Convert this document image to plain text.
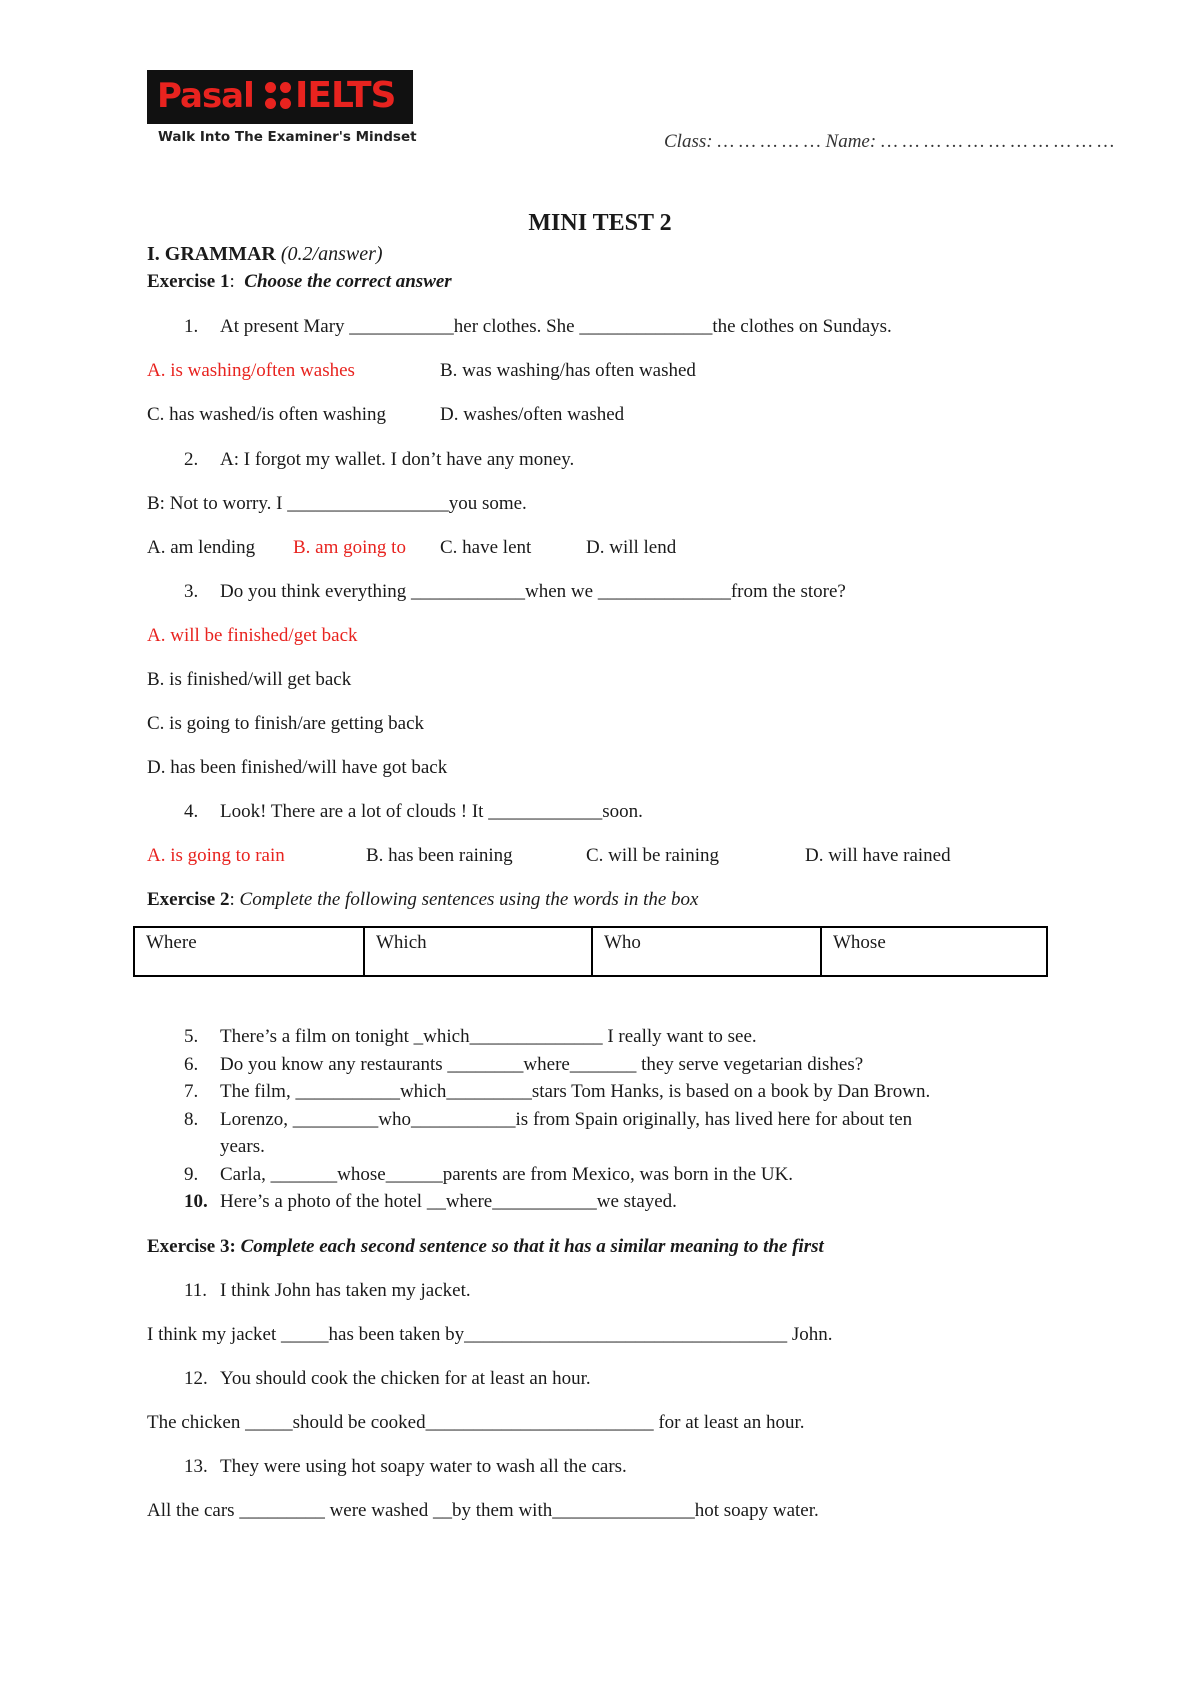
Pasal IELTS
Walk Into The Examiner's Mindset	Class: … … … … … Name: … … … … … … … … … … …
MINI TEST 2
I. GRAMMAR (0.2/answer)
Exercise 1: Choose the correct answer
1. At present Mary ___________her clothes. She ______________the clothes on Sundays.
A. is washing/often washes	B. was washing/has often washed
C. has washed/is often washing	D. washes/often washed
2. A: I forgot my wallet. I don’t have any money.
B: Not to worry. I _________________you some.
A. am lending B. am going to C. have lent	D. will lend
3. Do you think everything ____________when we ______________from the store?
A. will be finished/get back
B. is finished/will get back
C. is going to finish/are getting back
D. has been finished/will have got back
4. Look! There are a lot of clouds ! It ____________soon.
A. is going to rain	B. has been raining	C. will be raining	D. will have rained
Exercise 2: Complete the following sentences using the words in the box
Where	Which	Who	Whose
5. There’s a film on tonight _which______________ I really want to see.
6. Do you know any restaurants ________where_______ they serve vegetarian dishes?
7. The film, ___________which_________stars Tom Hanks, is based on a book by Dan Brown.
8. Lorenzo, _________who___________is from Spain originally, has lived here for about ten
years.
9. Carla, _______whose______parents are from Mexico, was born in the UK.
10. Here’s a photo of the hotel __where___________we stayed.
Exercise 3: Complete each second sentence so that it has a similar meaning to the first
11. I think John has taken my jacket.
I think my jacket _____has been taken by__________________________________ John.
12. You should cook the chicken for at least an hour.
The chicken _____should be cooked________________________ for at least an hour.
13. They were using hot soapy water to wash all the cars.
All the cars _________ were washed __by them with_______________hot soapy water.
